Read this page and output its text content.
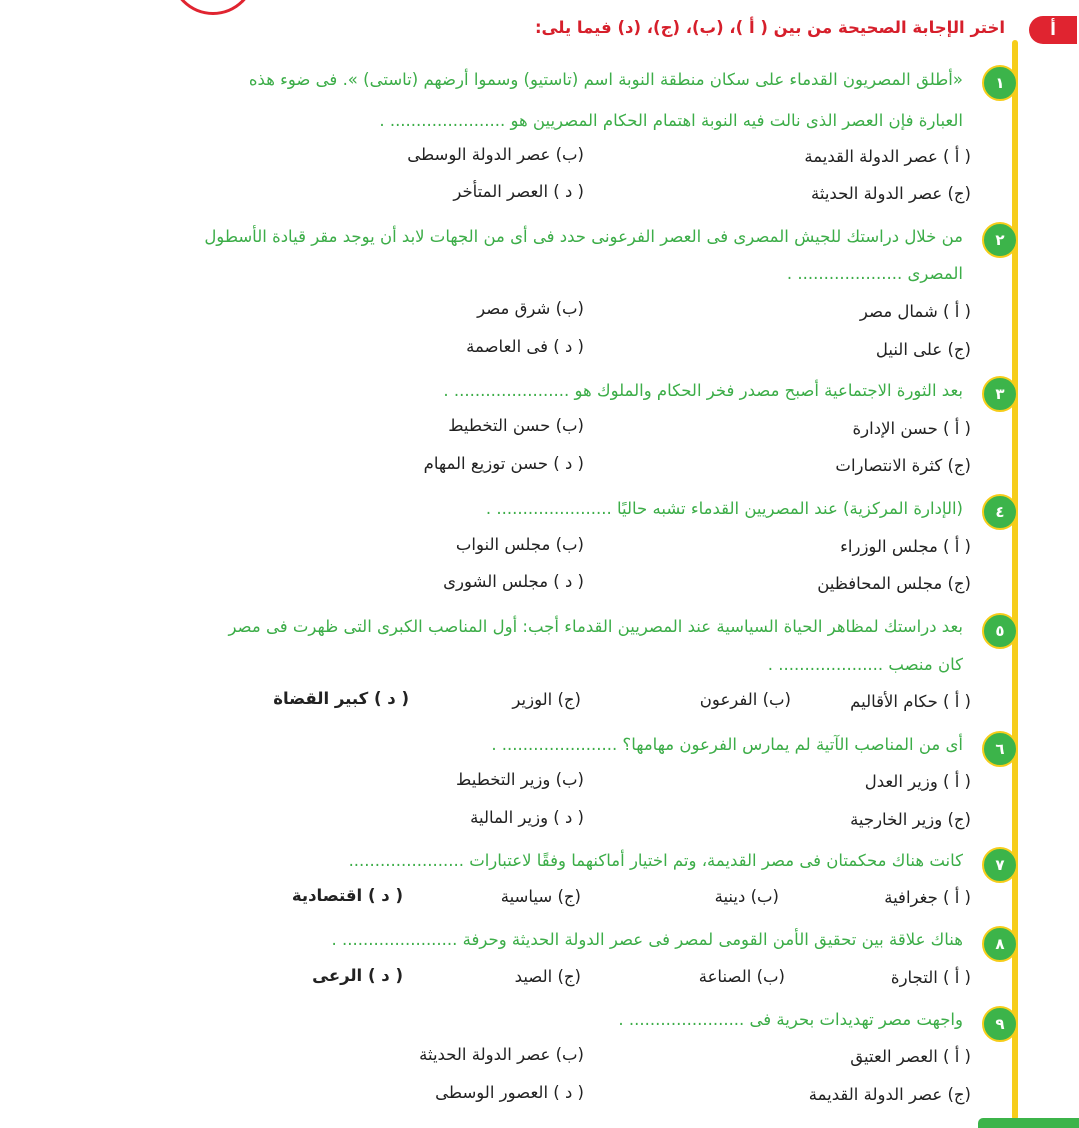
أ
اختر الإجابة الصحيحة من بين ( أ )، (ب)، (ج)، (د) فيما يلى:
١
«أطلق المصريون القدماء على سكان منطقة النوبة اسم (تاستيو) وسموا أرضهم (تاستى) ». فى ضوء هذه
العبارة فإن العصر الذى نالت فيه النوبة اهتمام الحكام المصريين هو ...................... .
( أ ) عصر الدولة القديمة
(ب) عصر الدولة الوسطى
(ج) عصر الدولة الحديثة
( د ) العصر المتأخر
٢
من خلال دراستك للجيش المصرى فى العصر الفرعونى حدد فى أى من الجهات لابد أن يوجد مقر قيادة الأسطول
المصرى .................... .
( أ ) شمال مصر
(ب) شرق مصر
(ج) على النيل
( د ) فى العاصمة
٣
بعد الثورة الاجتماعية أصبح مصدر فخر الحكام والملوك هو ...................... .
( أ ) حسن الإدارة
(ب) حسن التخطيط
(ج) كثرة الانتصارات
( د ) حسن توزيع المهام
٤
(الإدارة المركزية) عند المصريين القدماء تشبه حاليًا ...................... .
( أ ) مجلس الوزراء
(ب) مجلس النواب
(ج) مجلس المحافظين
( د ) مجلس الشورى
٥
بعد دراستك لمظاهر الحياة السياسية عند المصريين القدماء أجب: أول المناصب الكبرى التى ظهرت فى مصر
كان منصب .................... .
( أ ) حكام الأقاليم
(ب) الفرعون
(ج) الوزير
( د ) كبير القضاة
٦
أى من المناصب الآتية لم يمارس الفرعون مهامها؟ ...................... .
( أ ) وزير العدل
(ب) وزير التخطيط
(ج) وزير الخارجية
( د ) وزير المالية
٧
كانت هناك محكمتان فى مصر القديمة، وتم اختيار أماكنهما وفقًا لاعتبارات ......................
( أ ) جغرافية
(ب) دينية
(ج) سياسية
( د ) اقتصادية
٨
هناك علاقة بين تحقيق الأمن القومى لمصر فى عصر الدولة الحديثة وحرفة ...................... .
( أ ) التجارة
(ب) الصناعة
(ج) الصيد
( د ) الرعى
٩
واجهت مصر تهديدات بحرية فى ...................... .
( أ ) العصر العتيق
(ب) عصر الدولة الحديثة
(ج) عصر الدولة القديمة
( د ) العصور الوسطى
